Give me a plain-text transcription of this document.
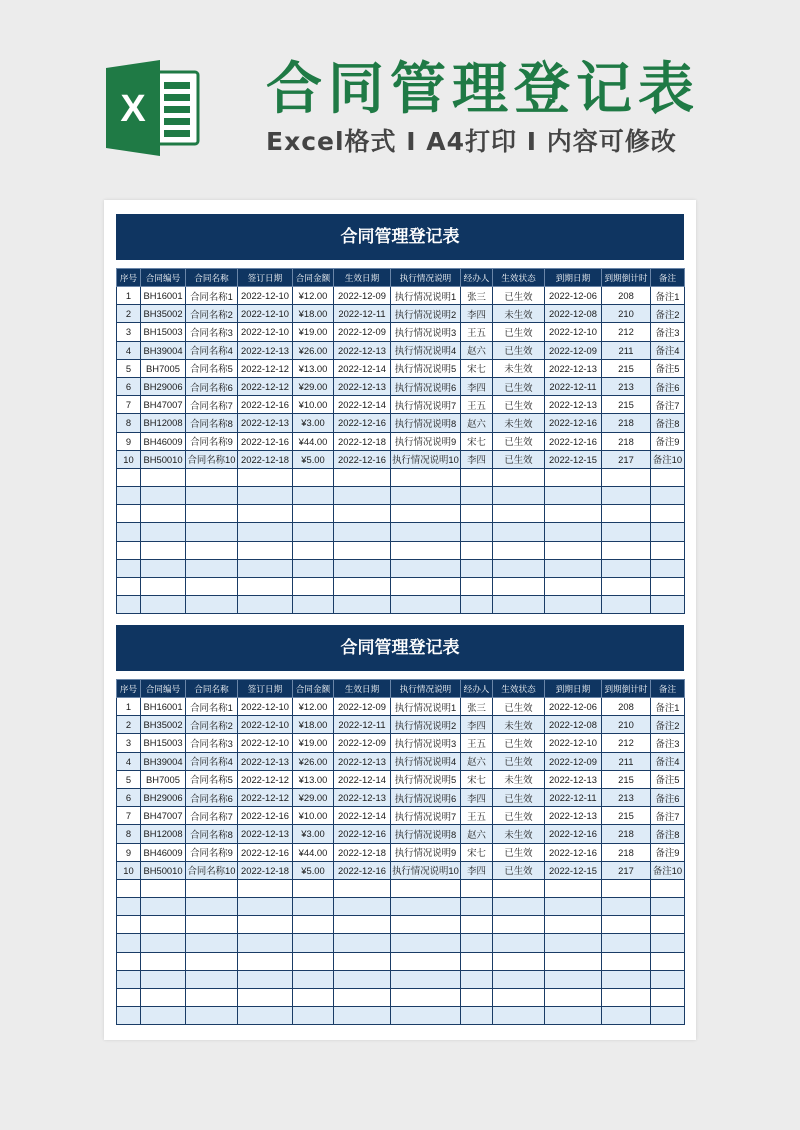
X 合同管理登记表
Excel格式 I A4打印 I 内容可修改
合同管理登记表
序号	合同编号	合同名称	签订日期	合同金额	生效日期	执行情况说明	经办人	生效状态	到期日期	到期倒计时	备注
1	BH16001	合同名称1	2022-12-10	¥12.00	2022-12-09	执行情况说明1	张三	已生效	2022-12-06	208	备注1
2	BH35002	合同名称2	2022-12-10	¥18.00	2022-12-11	执行情况说明2	李四	未生效	2022-12-08	210	备注2
3	BH15003	合同名称3	2022-12-10	¥19.00	2022-12-09	执行情况说明3	王五	已生效	2022-12-10	212	备注3
4	BH39004	合同名称4	2022-12-13	¥26.00	2022-12-13	执行情况说明4	赵六	已生效	2022-12-09	211	备注4
5	BH7005	合同名称5	2022-12-12	¥13.00	2022-12-14	执行情况说明5	宋七	未生效	2022-12-13	215	备注5
6	BH29006	合同名称6	2022-12-12	¥29.00	2022-12-13	执行情况说明6	李四	已生效	2022-12-11	213	备注6
7	BH47007	合同名称7	2022-12-16	¥10.00	2022-12-14	执行情况说明7	王五	已生效	2022-12-13	215	备注7
8	BH12008	合同名称8	2022-12-13	¥3.00	2022-12-16	执行情况说明8	赵六	未生效	2022-12-16	218	备注8
9	BH46009	合同名称9	2022-12-16	¥44.00	2022-12-18	执行情况说明9	宋七	已生效	2022-12-16	218	备注9
10	BH50010	合同名称10	2022-12-18	¥5.00	2022-12-16	执行情况说明10	李四	已生效	2022-12-15	217	备注10

合同管理登记表
序号	合同编号	合同名称	签订日期	合同金额	生效日期	执行情况说明	经办人	生效状态	到期日期	到期倒计时	备注
1	BH16001	合同名称1	2022-12-10	¥12.00	2022-12-09	执行情况说明1	张三	已生效	2022-12-06	208	备注1
2	BH35002	合同名称2	2022-12-10	¥18.00	2022-12-11	执行情况说明2	李四	未生效	2022-12-08	210	备注2
3	BH15003	合同名称3	2022-12-10	¥19.00	2022-12-09	执行情况说明3	王五	已生效	2022-12-10	212	备注3
4	BH39004	合同名称4	2022-12-13	¥26.00	2022-12-13	执行情况说明4	赵六	已生效	2022-12-09	211	备注4
5	BH7005	合同名称5	2022-12-12	¥13.00	2022-12-14	执行情况说明5	宋七	未生效	2022-12-13	215	备注5
6	BH29006	合同名称6	2022-12-12	¥29.00	2022-12-13	执行情况说明6	李四	已生效	2022-12-11	213	备注6
7	BH47007	合同名称7	2022-12-16	¥10.00	2022-12-14	执行情况说明7	王五	已生效	2022-12-13	215	备注7
8	BH12008	合同名称8	2022-12-13	¥3.00	2022-12-16	执行情况说明8	赵六	未生效	2022-12-16	218	备注8
9	BH46009	合同名称9	2022-12-16	¥44.00	2022-12-18	执行情况说明9	宋七	已生效	2022-12-16	218	备注9
10	BH50010	合同名称10	2022-12-18	¥5.00	2022-12-16	执行情况说明10	李四	已生效	2022-12-15	217	备注10
